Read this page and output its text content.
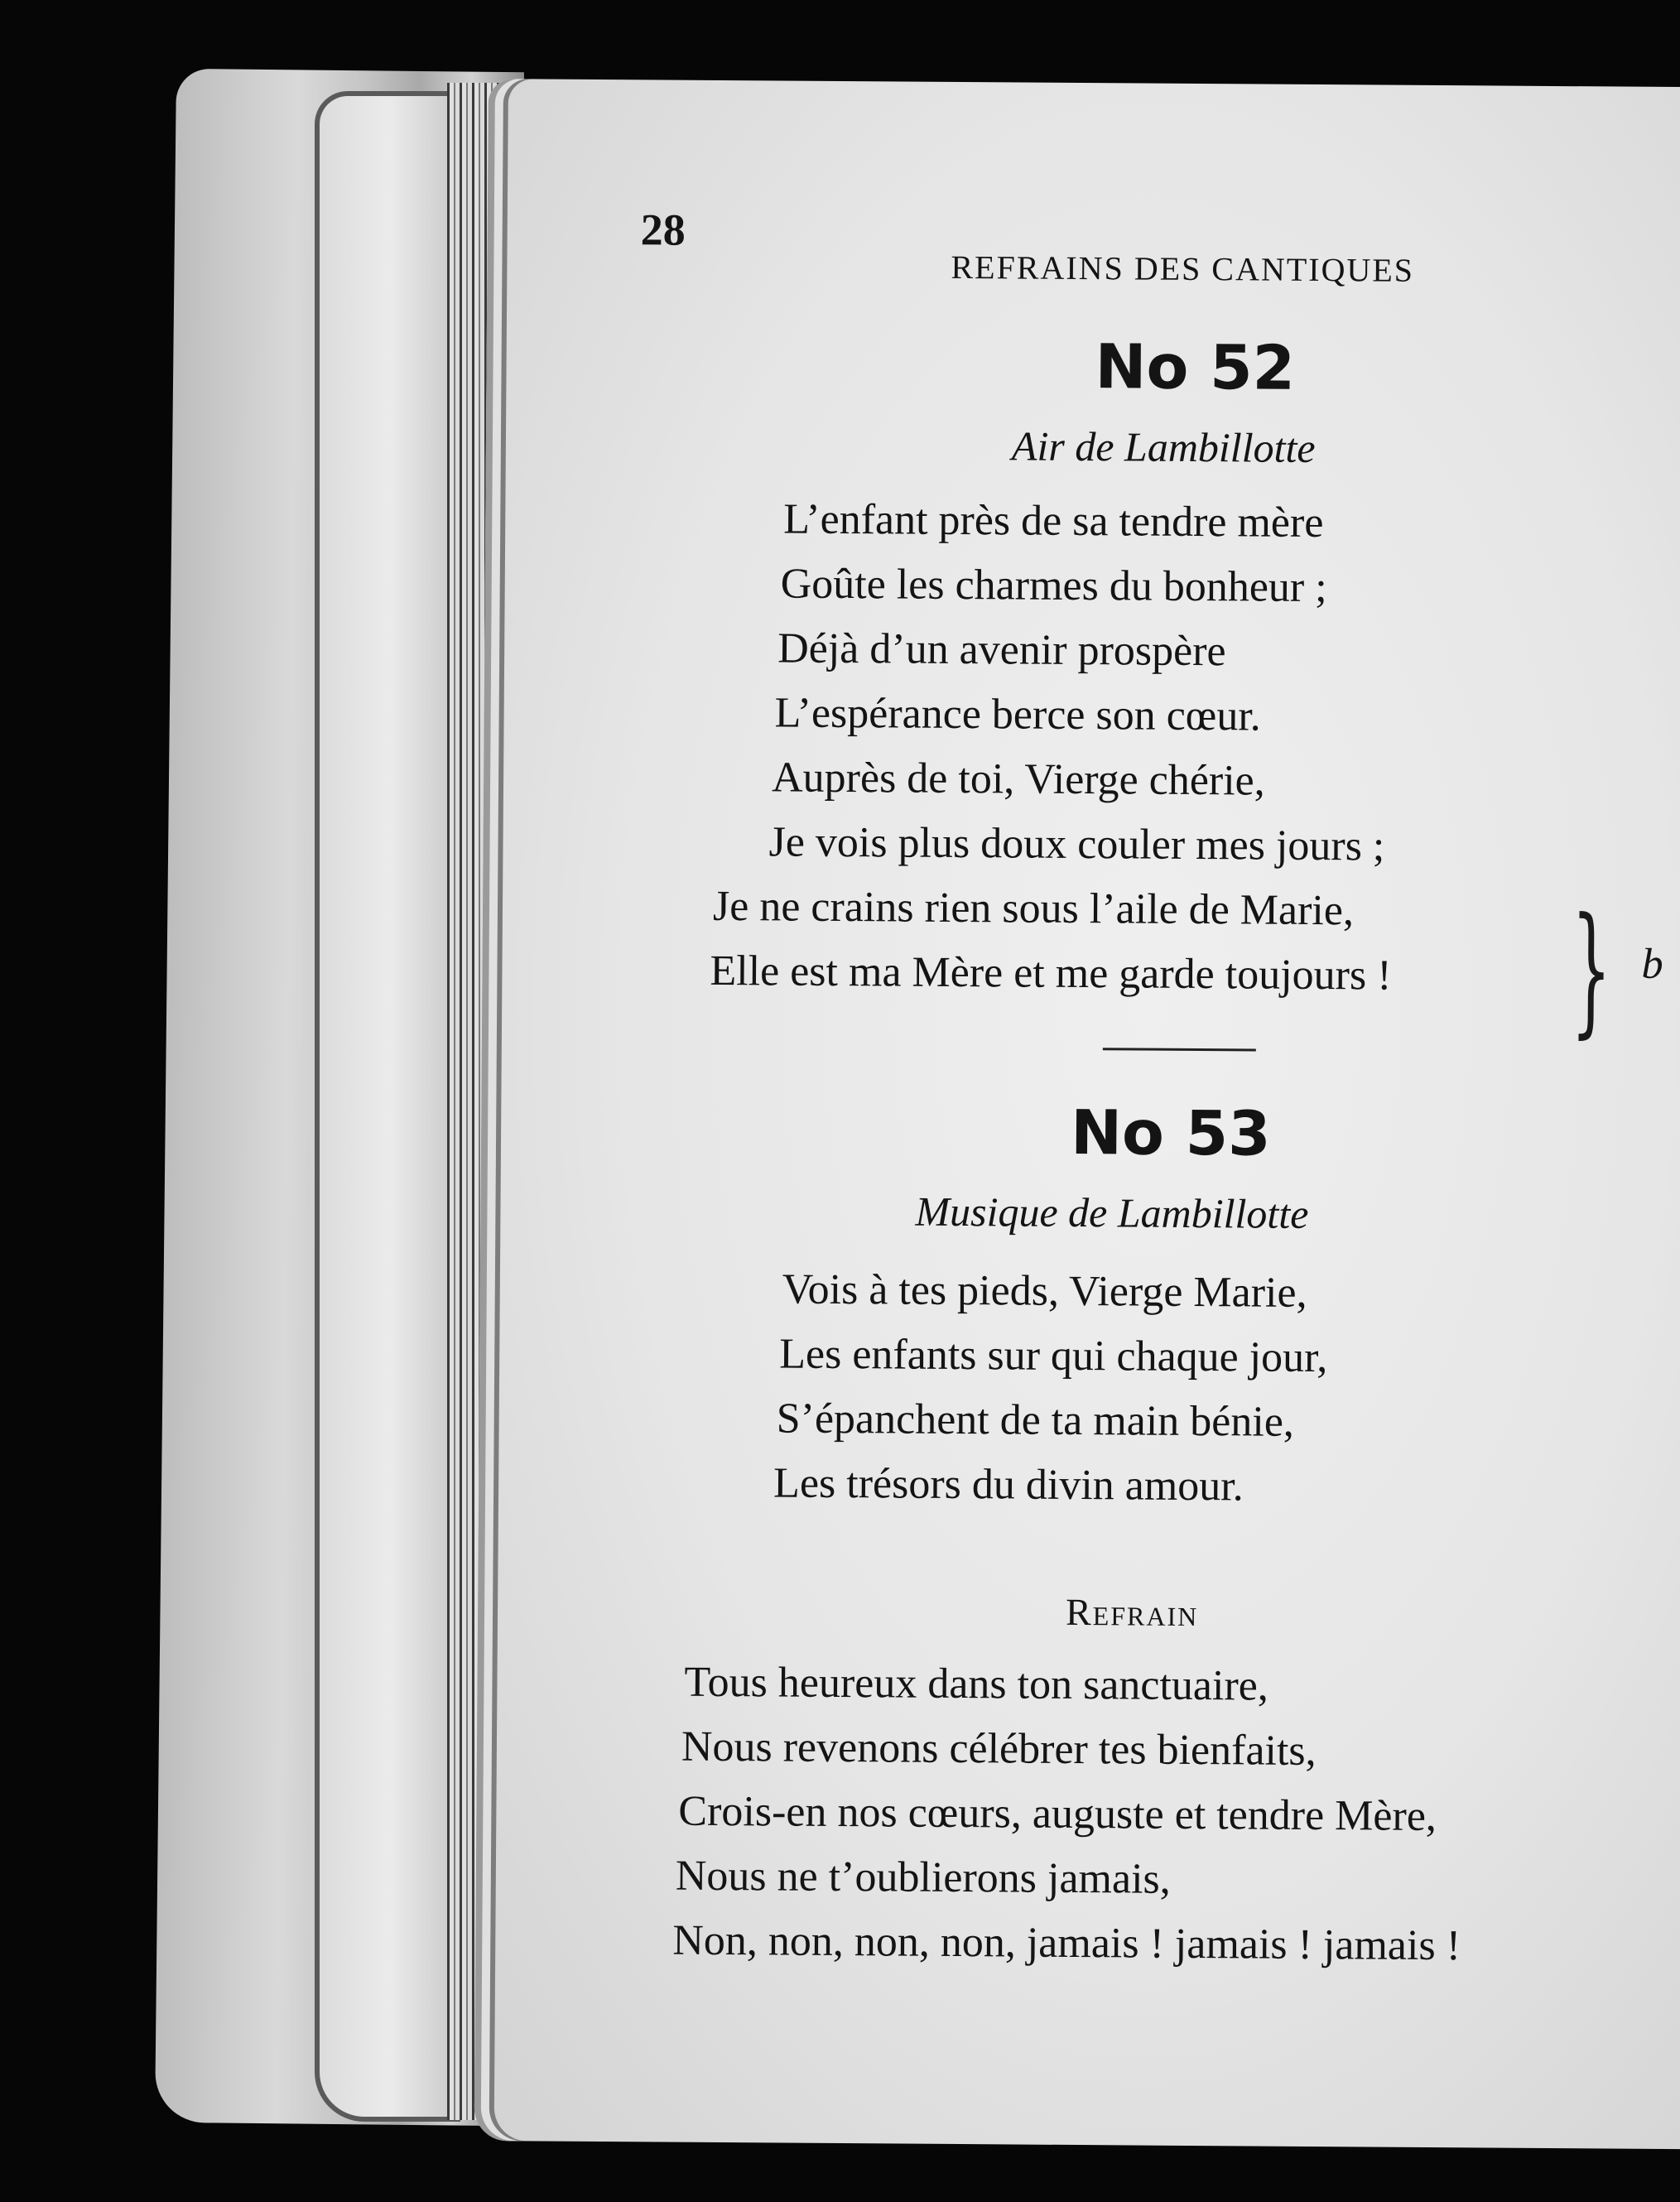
28
REFRAINS DES CANTIQUES
No 52
Air de Lambillotte
L’enfant près de sa tendre mère
Goûte les charmes du bonheur ;
Déjà d’un avenir prospère
L’espérance berce son cœur.
Auprès de toi, Vierge chérie,
Je vois plus doux couler mes jours ;
Je ne crains rien sous l’aile de Marie,
Elle est ma Mère et me garde toujours ! } b
No 53
Musique de Lambillotte
Vois à tes pieds, Vierge Marie,
Les enfants sur qui chaque jour,
S’épanchent de ta main bénie,
Les trésors du divin amour.
Refrain
Tous heureux dans ton sanctuaire,
Nous revenons célébrer tes bienfaits,
Crois-en nos cœurs, auguste et tendre Mère,
Nous ne t’oublierons jamais,
Non, non, non, non, jamais ! jamais ! jamais !
